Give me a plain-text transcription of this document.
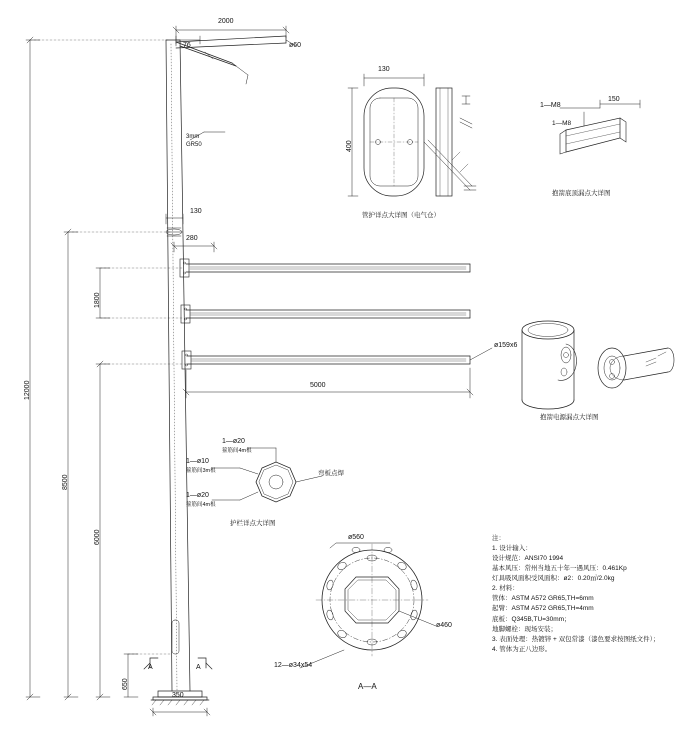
2000
76	ø60
3mm
GR50
130
280
12000
8500
6000
1800
650
350
A	A
5000
ø159x6
130
400
管护详点大详图（电气仓）
1—M8
150
1—M8
抱箭底顶漏点大详图
抱箭电源漏点大详图
1—ø20
箍筋间4m根
1—ø10
箍筋间3m根
1—ø20
箍筋间4m根
弯板点焊
护栏详点大详图
ø560
ø460
12—ø34x54
A—A
注：
1. 设计输入：
设计规范：ANSI70 1994
基本风压：常州当地五十年一遇风压：0.461Kp
灯具吸风面积受风面积：ø2：0.20㎡/2.0kg
2. 材料：
管体：ASTM A572 GR65,TH=6mm
起臂：ASTM A572 GR65,TH=4mm
底板：Q345B,TU=30mm；
地脚螺栓：现场安装；
3. 表面处理：热镀锌 + 双包常漆（漆色要求按图纸文件）；
4. 管体为正八边形。
